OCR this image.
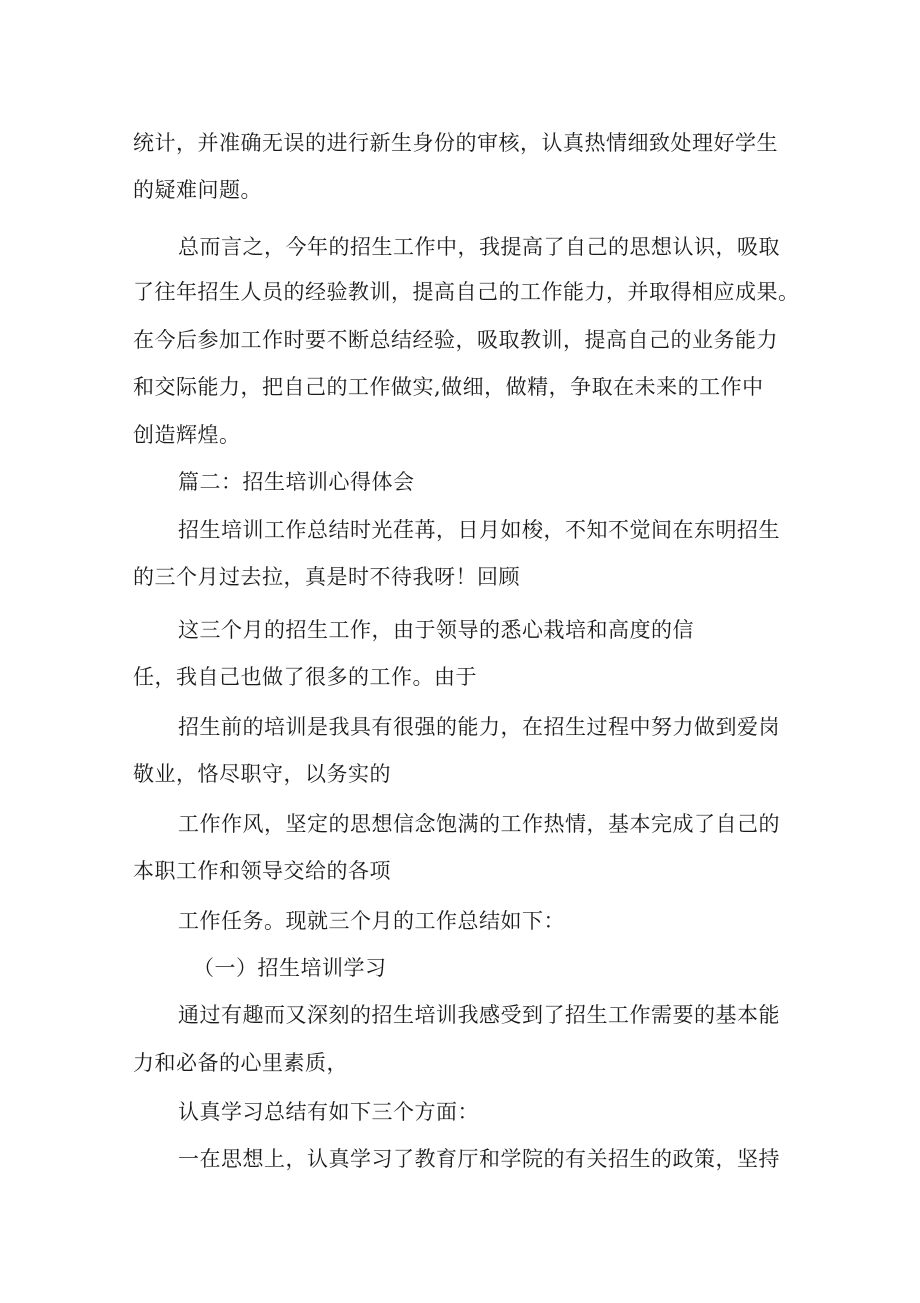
统计，并准确无误的进行新生身份的审核，认真热情细致处理好学生
的疑难问题。
总而言之，今年的招生工作中，我提高了自己的思想认识，吸取
了往年招生人员的经验教训，提高自己的工作能力，并取得相应成果。
在今后参加工作时要不断总结经验，吸取教训，提高自己的业务能力
和交际能力，把自己的工作做实,做细，做精，争取在未来的工作中
创造辉煌。
篇二：招生培训心得体会
招生培训工作总结时光荏苒，日月如梭，不知不觉间在东明招生
的三个月过去拉，真是时不待我呀！回顾
这三个月的招生工作，由于领导的悉心栽培和高度的信
任，我自己也做了很多的工作。由于
招生前的培训是我具有很强的能力，在招生过程中努力做到爱岗
敬业，恪尽职守，以务实的
工作作风，坚定的思想信念饱满的工作热情，基本完成了自己的
本职工作和领导交给的各项
工作任务。现就三个月的工作总结如下：
（一）招生培训学习
通过有趣而又深刻的招生培训我感受到了招生工作需要的基本能
力和必备的心里素质，
认真学习总结有如下三个方面：
一在思想上，认真学习了教育厅和学院的有关招生的政策，坚持
